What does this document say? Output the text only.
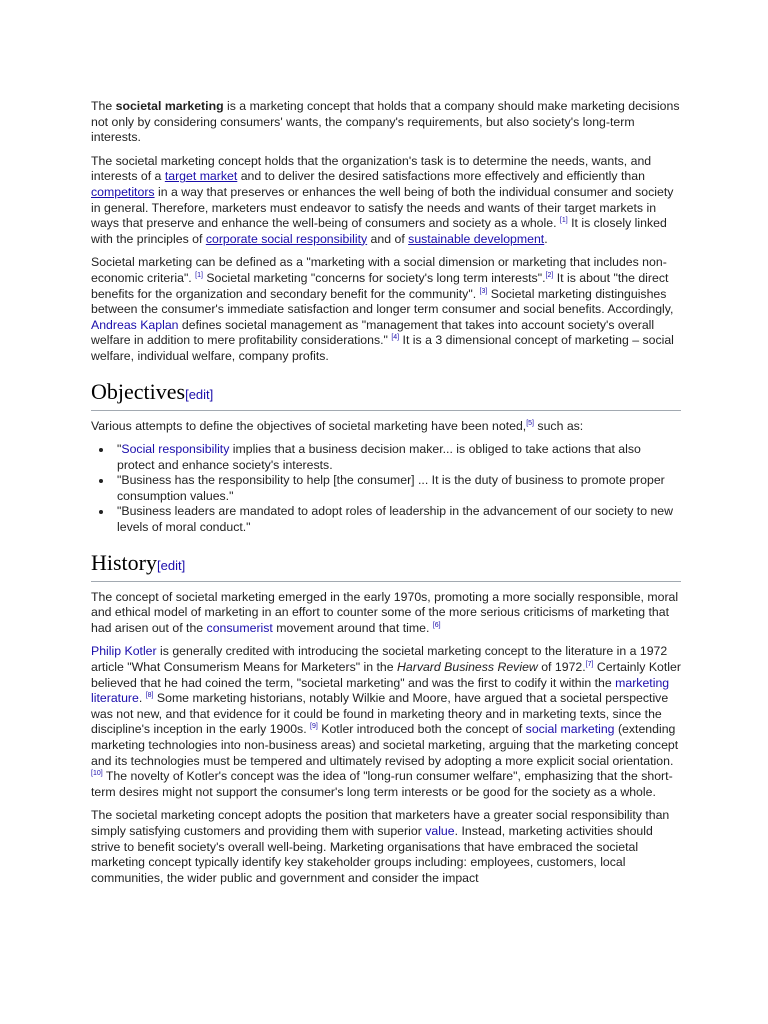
The societal marketing is a marketing concept that holds that a company should make marketing decisions not only by considering consumers' wants, the company's requirements, but also society's long-term interests.

The societal marketing concept holds that the organization's task is to determine the needs, wants, and interests of a target market and to deliver the desired satisfactions more effectively and efficiently than competitors in a way that preserves or enhances the well being of both the individual consumer and society in general. Therefore, marketers must endeavor to satisfy the needs and wants of their target markets in ways that preserve and enhance the well-being of consumers and society as a whole. [1] It is closely linked with the principles of corporate social responsibility and of sustainable development.

Societal marketing can be defined as a "marketing with a social dimension or marketing that includes non-economic criteria". [1] Societal marketing "concerns for society's long term interests".[2] It is about "the direct benefits for the organization and secondary benefit for the community". [3] Societal marketing distinguishes between the consumer's immediate satisfaction and longer term consumer and social benefits. Accordingly, Andreas Kaplan defines societal management as "management that takes into account society's overall welfare in addition to mere profitability considerations." [4] It is a 3 dimensional concept of marketing – social welfare, individual welfare, company profits.

Objectives[edit]

Various attempts to define the objectives of societal marketing have been noted,[5] such as:

• "Social responsibility implies that a business decision maker... is obliged to take actions that also protect and enhance society's interests.
• "Business has the responsibility to help [the consumer] ... It is the duty of business to promote proper consumption values."
• "Business leaders are mandated to adopt roles of leadership in the advancement of our society to new levels of moral conduct."
History[edit]

The concept of societal marketing emerged in the early 1970s, promoting a more socially responsible, moral and ethical model of marketing in an effort to counter some of the more serious criticisms of marketing that had arisen out of the consumerist movement around that time. [6]

Philip Kotler is generally credited with introducing the societal marketing concept to the literature in a 1972 article "What Consumerism Means for Marketers" in the Harvard Business Review of 1972.[7] Certainly Kotler believed that he had coined the term, "societal marketing" and was the first to codify it within the marketing literature. [8] Some marketing historians, notably Wilkie and Moore, have argued that a societal perspective was not new, and that evidence for it could be found in marketing theory and in marketing texts, since the discipline's inception in the early 1900s. [9] Kotler introduced both the concept of social marketing (extending marketing technologies into non-business areas) and societal marketing, arguing that the marketing concept and its technologies must be tempered and ultimately revised by adopting a more explicit social orientation.[10] The novelty of Kotler's concept was the idea of "long-run consumer welfare", emphasizing that the short-term desires might not support the consumer's long term interests or be good for the society as a whole.

The societal marketing concept adopts the position that marketers have a greater social responsibility than simply satisfying customers and providing them with superior value. Instead, marketing activities should strive to benefit society's overall well-being. Marketing organisations that have embraced the societal marketing concept typically identify key stakeholder groups including: employees, customers, local communities, the wider public and government and consider the impact
